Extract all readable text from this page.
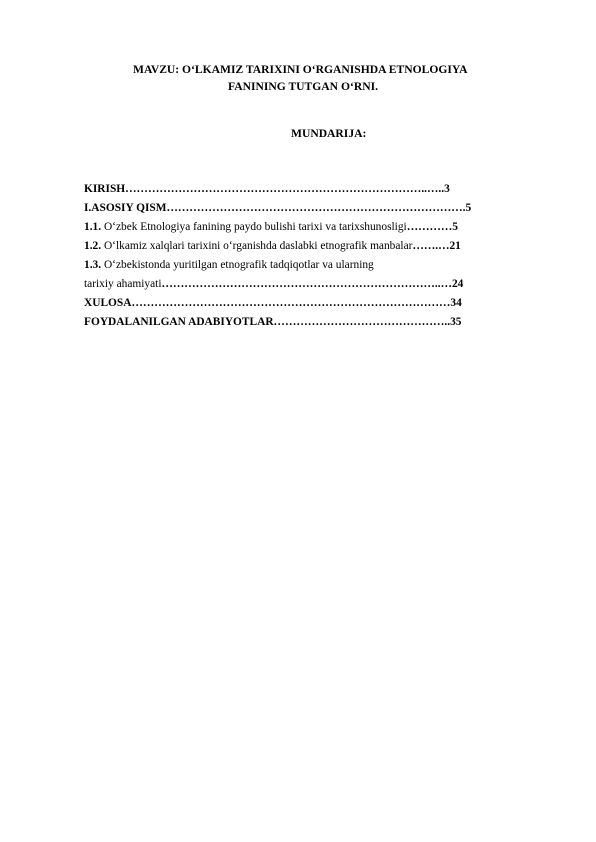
MAVZU: O‘LKAMIZ TARIXINI O‘RGANISHDA ETNOLOGIYA
FANINING TUTGAN O‘RNI.
MUNDARIJA:
KIRISH……………………………………………………………………..…..3
I.ASOSIY QISM…………………………………………………………………….5
1.1. O‘zbek Etnologiya fanining paydo bulishi tarixi va tarixshunosligi…………5
1.2. O‘lkamiz xalqlari tarixini o‘rganishda daslabki etnografik manbalar…….…21
1.3. O‘zbekistonda yuritilgan etnografik tadqiqotlar va ularning
tarixiy ahamiyati………………………………………………………………..…24
XULOSA…………………………………………………………………………34
FOYDALANILGAN ADABIYOTLAR………………………………………..35
